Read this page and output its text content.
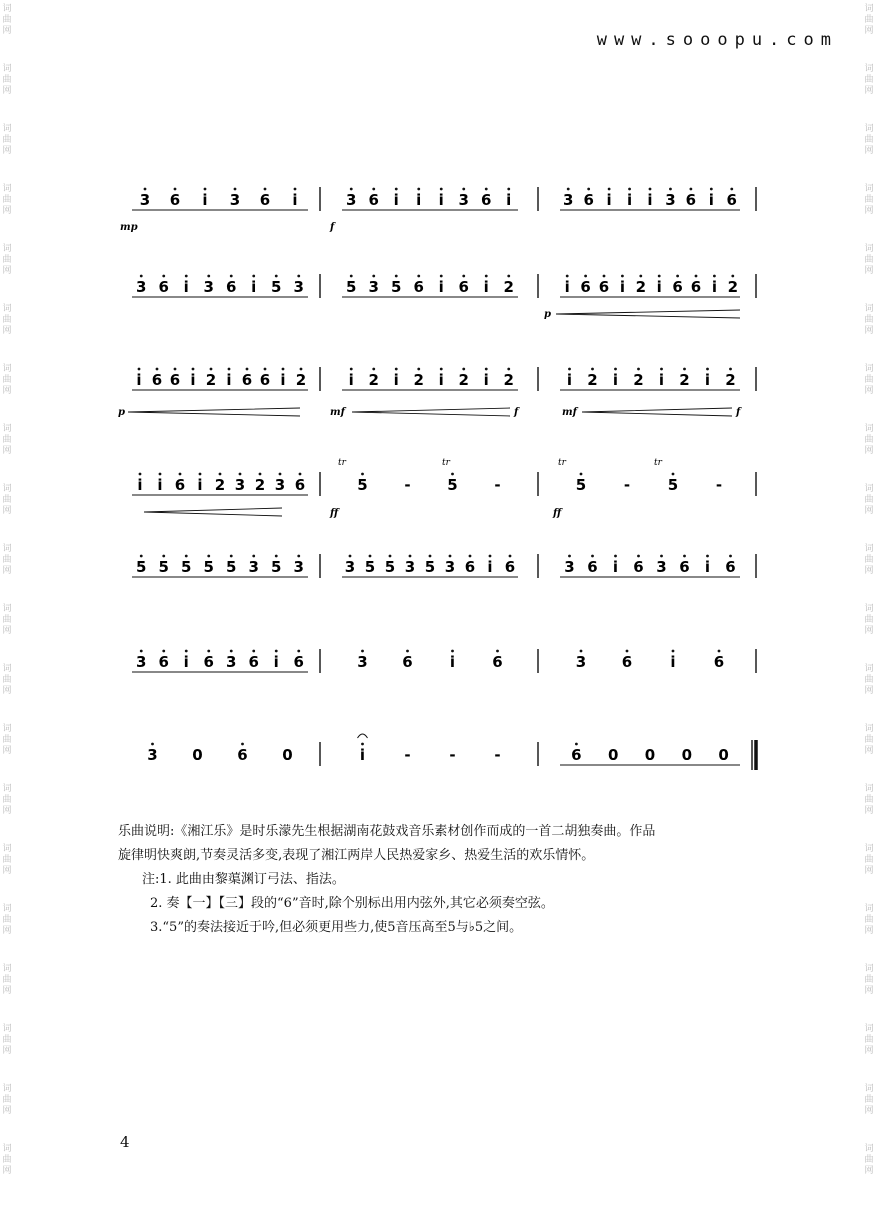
词
曲
网
词
曲
网
词
曲
网
词
曲
网
词
曲
网
词
曲
网
词
曲
网
词
曲
网
词
曲
网
词
曲
网
词
曲
网
词
曲
网
词
曲
网
词
曲
网
词
曲
网
词
曲
网
词
曲
网
词
曲
网
词
曲
网
词
曲
网
词
曲
网
词
曲
网
词
曲
网
词
曲
网
词
曲
网
词
曲
网
词
曲
网
词
曲
网
词
曲
网
词
曲
网
词
曲
网
词
曲
网
词
曲
网
词
曲
网
词
曲
网
词
曲
网
词
曲
网
词
曲
网
词
曲
网
词
曲
网
www.sooopu.com
3 6 i 3 6 i	3 6 i i i 3 6 i	3 6 i i i 3 6 i 6
mp	f
3 6 i 3 6 i 5 3	5 3 5 6 i 6 i 2	i 6 6 i 2 i 6 6 i 2
p
i 6 6 i 2 i 6 6 i 2	i 2 i 2 i 2 i 2	i 2 i 2 i 2 i 2
p	mf	f	mf	f
i i 6 i 2 3 2 3 6	5 - 5 -	5	-	5	-
ff	ff
tr	tr	tr	tr
5 5 5 5 5 3 5 3	3 5 5 3 5 3 6 i 6	3 6 i 6 3 6 i 6
3 6 i 6 3 6 i 6	3 6 i 6	3 6	i	6
3 0 6 0	i	-	-	-	6 0 0 0 0

乐曲说明:《湘江乐》是时乐濛先生根据湖南花鼓戏音乐素材创作而成的一首二胡独奏曲。作品

旋律明快爽朗,节奏灵活多变,表现了湘江两岸人民热爱家乡、热爱生活的欢乐情怀。

注:1. 此曲由黎蕖渊订弓法、指法。

2. 奏【一】【三】段的“6”音时,除个别标出用内弦外,其它必须奏空弦。

3.“5”的奏法接近于吟,但必须更用些力,使5音压高至5与♭5之间。

4
